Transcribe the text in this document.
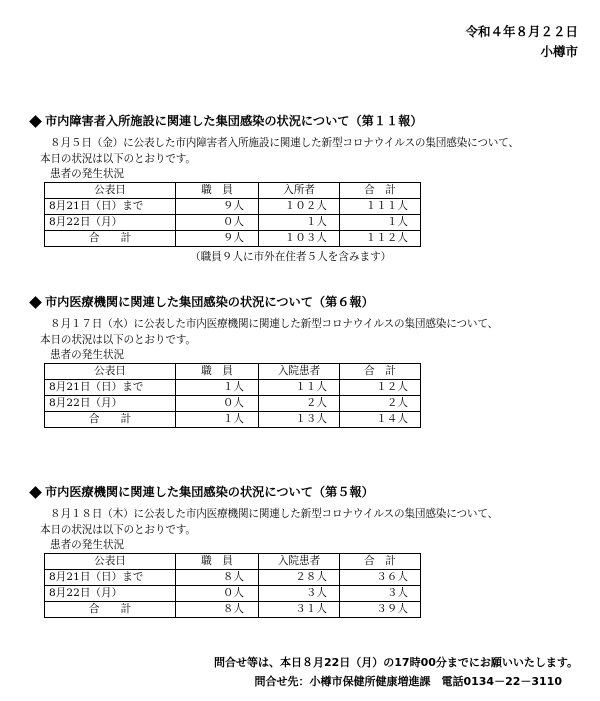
令和４年８月２２日
小樽市
市内障害者入所施設に関連した集団感染の状況について（第１１報）
８月５日（金）に公表した市内障害者入所施設に関連した新型コロナウイルスの集団感染について、
本日の状況は以下のとおりです。
患者の発生状況
公表日	職　員	入所者	合　計
8月21日（日）まで	９人	１０２人	１１１人
8月22日（月）	０人	１人	１人
合　　計	９人	１０３人	１１２人
（職員９人に市外在住者５人を含みます）
市内医療機関に関連した集団感染の状況について（第６報）
８月１７日（水）に公表した市内医療機関に関連した新型コロナウイルスの集団感染について、
本日の状況は以下のとおりです。
患者の発生状況
公表日	職　員	入院患者	合　計
8月21日（日）まで	１人	１１人	１２人
8月22日（月）	０人	２人	２人
合　　計	１人	１３人	１４人
市内医療機関に関連した集団感染の状況について（第５報）
８月１８日（木）に公表した市内医療機関に関連した新型コロナウイルスの集団感染について、
本日の状況は以下のとおりです。
患者の発生状況
公表日	職　員	入院患者	合　計
8月21日（日）まで	８人	２８人	３６人
8月22日（月）	０人	３人	３人
合　　計	８人	３１人	３９人
問合せ等は、本日８月22日（月）の17時00分までにお願いいたします。
問合せ先：小樽市保健所健康増進課　電話0134－22－3110
